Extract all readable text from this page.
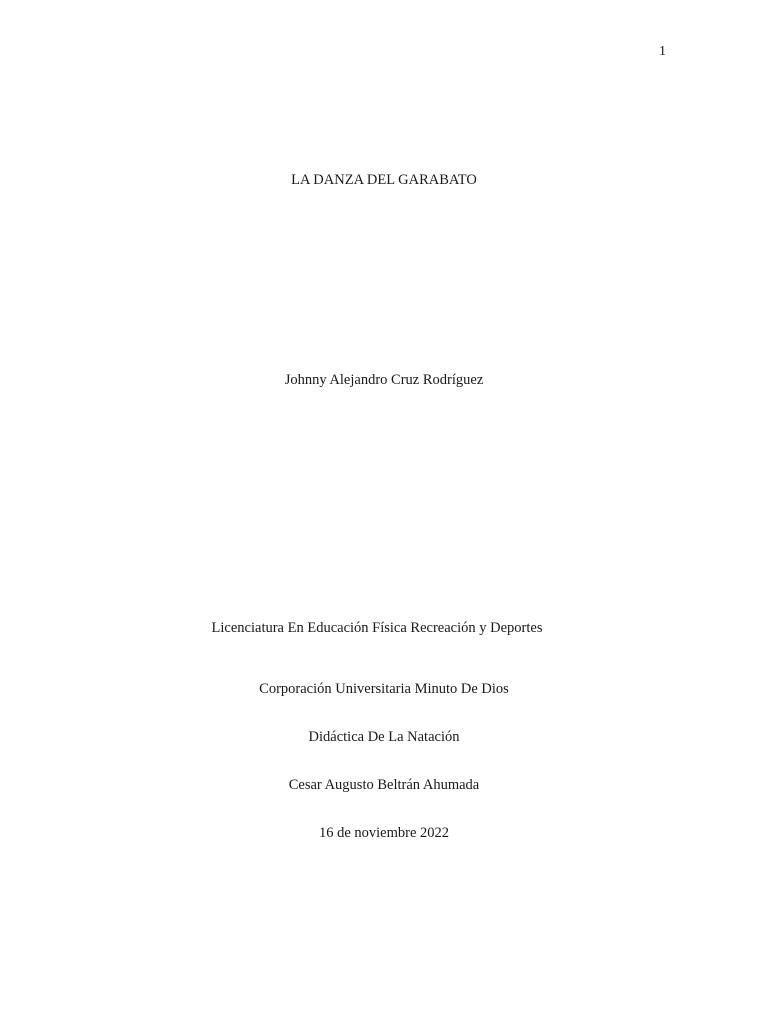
1
LA DANZA DEL GARABATO
Johnny Alejandro Cruz Rodríguez
Licenciatura En Educación Física Recreación y Deportes
Corporación Universitaria Minuto De Dios
Didáctica De La Natación
Cesar Augusto Beltrán Ahumada
16 de noviembre 2022
